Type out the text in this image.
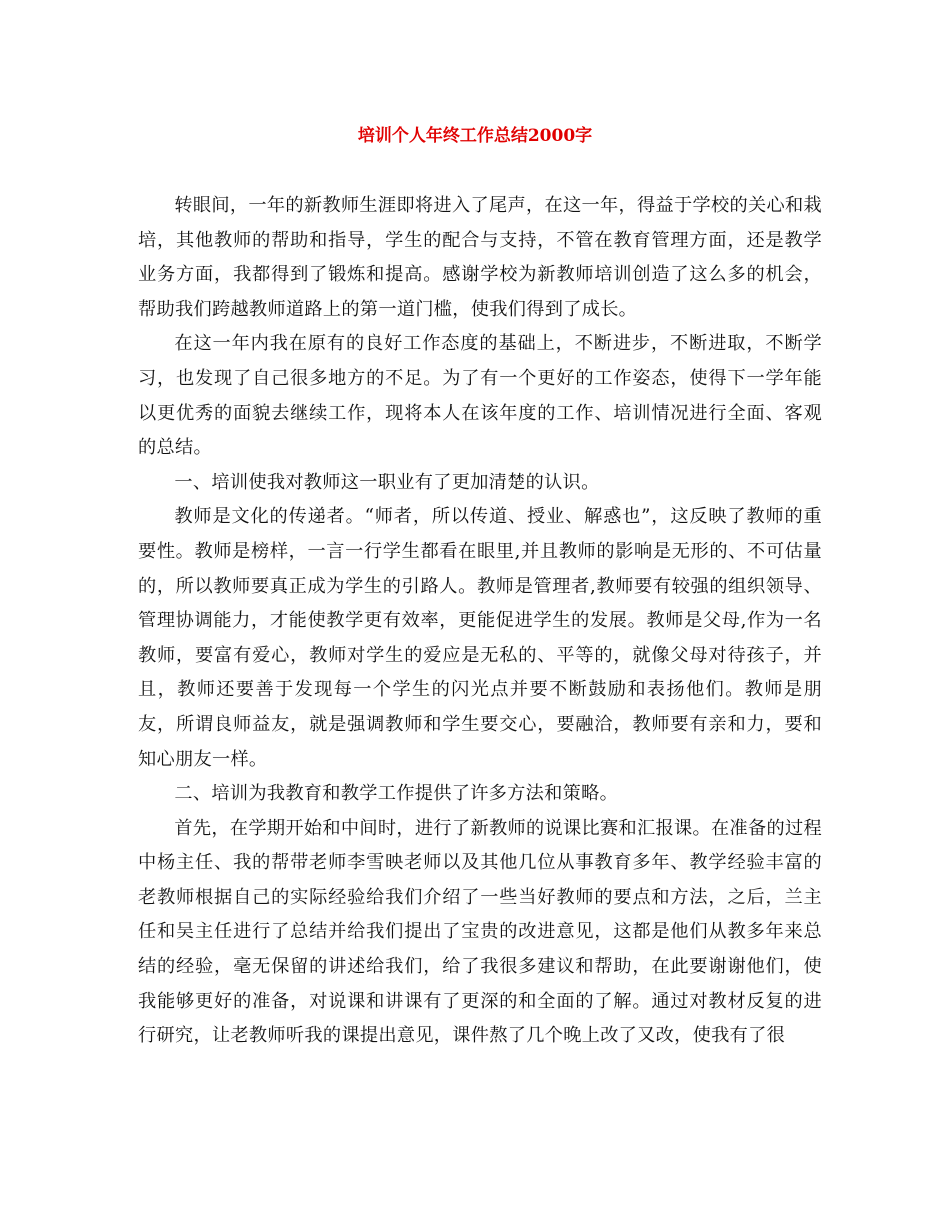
培训个人年终工作总结2000字

转眼间，一年的新教师生涯即将进入了尾声，在这一年，得益于学校的关心和栽培，其他教师的帮助和指导，学生的配合与支持，不管在教育管理方面，还是教学业务方面，我都得到了锻炼和提高。感谢学校为新教师培训创造了这么多的机会，帮助我们跨越教师道路上的第一道门槛，使我们得到了成长。

在这一年内我在原有的良好工作态度的基础上，不断进步，不断进取，不断学习，也发现了自己很多地方的不足。为了有一个更好的工作姿态，使得下一学年能以更优秀的面貌去继续工作，现将本人在该年度的工作、培训情况进行全面、客观的总结。

一、培训使我对教师这一职业有了更加清楚的认识。

教师是文化的传递者。“师者，所以传道、授业、解惑也”，这反映了教师的重要性。教师是榜样，一言一行学生都看在眼里,并且教师的影响是无形的、不可估量的，所以教师要真正成为学生的引路人。教师是管理者,教师要有较强的组织领导、管理协调能力，才能使教学更有效率，更能促进学生的发展。教师是父母,作为一名教师，要富有爱心，教师对学生的爱应是无私的、平等的，就像父母对待孩子，并且，教师还要善于发现每一个学生的闪光点并要不断鼓励和表扬他们。教师是朋友，所谓良师益友，就是强调教师和学生要交心，要融洽，教师要有亲和力，要和知心朋友一样。

二、培训为我教育和教学工作提供了许多方法和策略。

首先，在学期开始和中间时，进行了新教师的说课比赛和汇报课。在准备的过程中杨主任、我的帮带老师李雪映老师以及其他几位从事教育多年、教学经验丰富的老教师根据自己的实际经验给我们介绍了一些当好教师的要点和方法，之后，兰主任和吴主任进行了总结并给我们提出了宝贵的改进意见，这都是他们从教多年来总结的经验，毫无保留的讲述给我们，给了我很多建议和帮助，在此要谢谢他们，使我能够更好的准备，对说课和讲课有了更深的和全面的了解。通过对教材反复的进行研究，让老教师听我的课提出意见，课件熬了几个晚上改了又改，使我有了很
